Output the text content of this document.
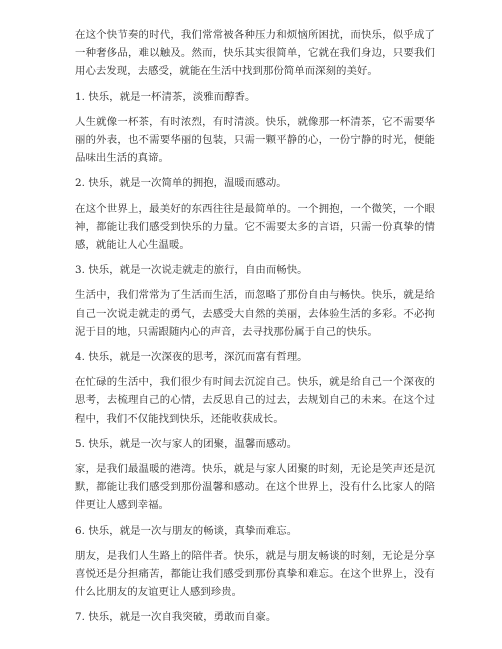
在这个快节奏的时代，我们常常被各种压力和烦恼所困扰，而快乐，似乎成了一种奢侈品，难以触及。然而，快乐其实很简单，它就在我们身边，只要我们用心去发现，去感受，就能在生活中找到那份简单而深刻的美好。

1. 快乐，就是一杯清茶，淡雅而醇香。

人生就像一杯茶，有时浓烈，有时清淡。快乐，就像那一杯清茶，它不需要华丽的外表，也不需要华丽的包装，只需一颗平静的心，一份宁静的时光，便能品味出生活的真谛。

2. 快乐，就是一次简单的拥抱，温暖而感动。

在这个世界上，最美好的东西往往是最简单的。一个拥抱，一个微笑，一个眼神，都能让我们感受到快乐的力量。它不需要太多的言语，只需一份真挚的情感，就能让人心生温暖。

3. 快乐，就是一次说走就走的旅行，自由而畅快。

生活中，我们常常为了生活而生活，而忽略了那份自由与畅快。快乐，就是给自己一次说走就走的勇气，去感受大自然的美丽，去体验生活的多彩。不必拘泥于目的地，只需跟随内心的声音，去寻找那份属于自己的快乐。

4. 快乐，就是一次深夜的思考，深沉而富有哲理。

在忙碌的生活中，我们很少有时间去沉淀自己。快乐，就是给自己一个深夜的思考，去梳理自己的心情，去反思自己的过去，去规划自己的未来。在这个过程中，我们不仅能找到快乐，还能收获成长。

5. 快乐，就是一次与家人的团聚，温馨而感动。

家，是我们最温暖的港湾。快乐，就是与家人团聚的时刻，无论是笑声还是沉默，都能让我们感受到那份温馨和感动。在这个世界上，没有什么比家人的陪伴更让人感到幸福。

6. 快乐，就是一次与朋友的畅谈，真挚而难忘。

朋友，是我们人生路上的陪伴者。快乐，就是与朋友畅谈的时刻，无论是分享喜悦还是分担痛苦，都能让我们感受到那份真挚和难忘。在这个世界上，没有什么比朋友的友谊更让人感到珍贵。

7. 快乐，就是一次自我突破，勇敢而自豪。
